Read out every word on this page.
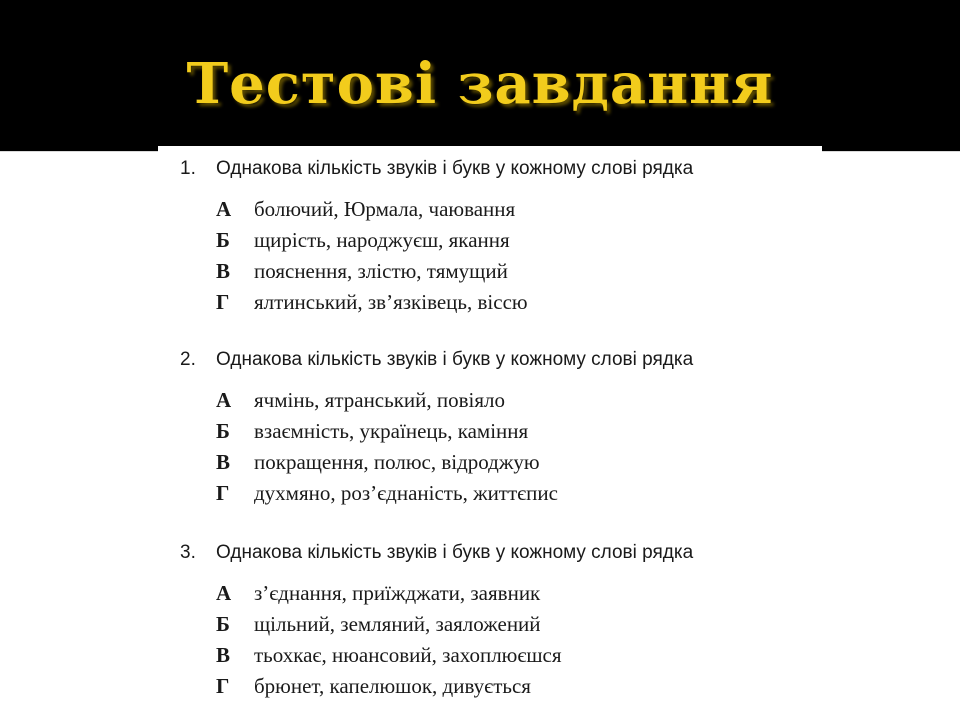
Тестові завдання
1. Однакова кількість звуків і букв у кожному слові рядка
А болючий, Юрмала, чаювання
Б щирість, народжуєш, якання
В пояснення, злістю, тямущий
Г ялтинський, зв’язківець, віссю
2. Однакова кількість звуків і букв у кожному слові рядка
А ячмінь, ятранський, повіяло
Б взаємність, українець, каміння
В покращення, полюс, відроджую
Г духмяно, роз’єднаність, життєпис
3. Однакова кількість звуків і букв у кожному слові рядка
А з’єднання, приїжджати, заявник
Б щільний, земляний, заяложений
В тьохкає, нюансовий, захоплюєшся
Г брюнет, капелюшок, дивується
